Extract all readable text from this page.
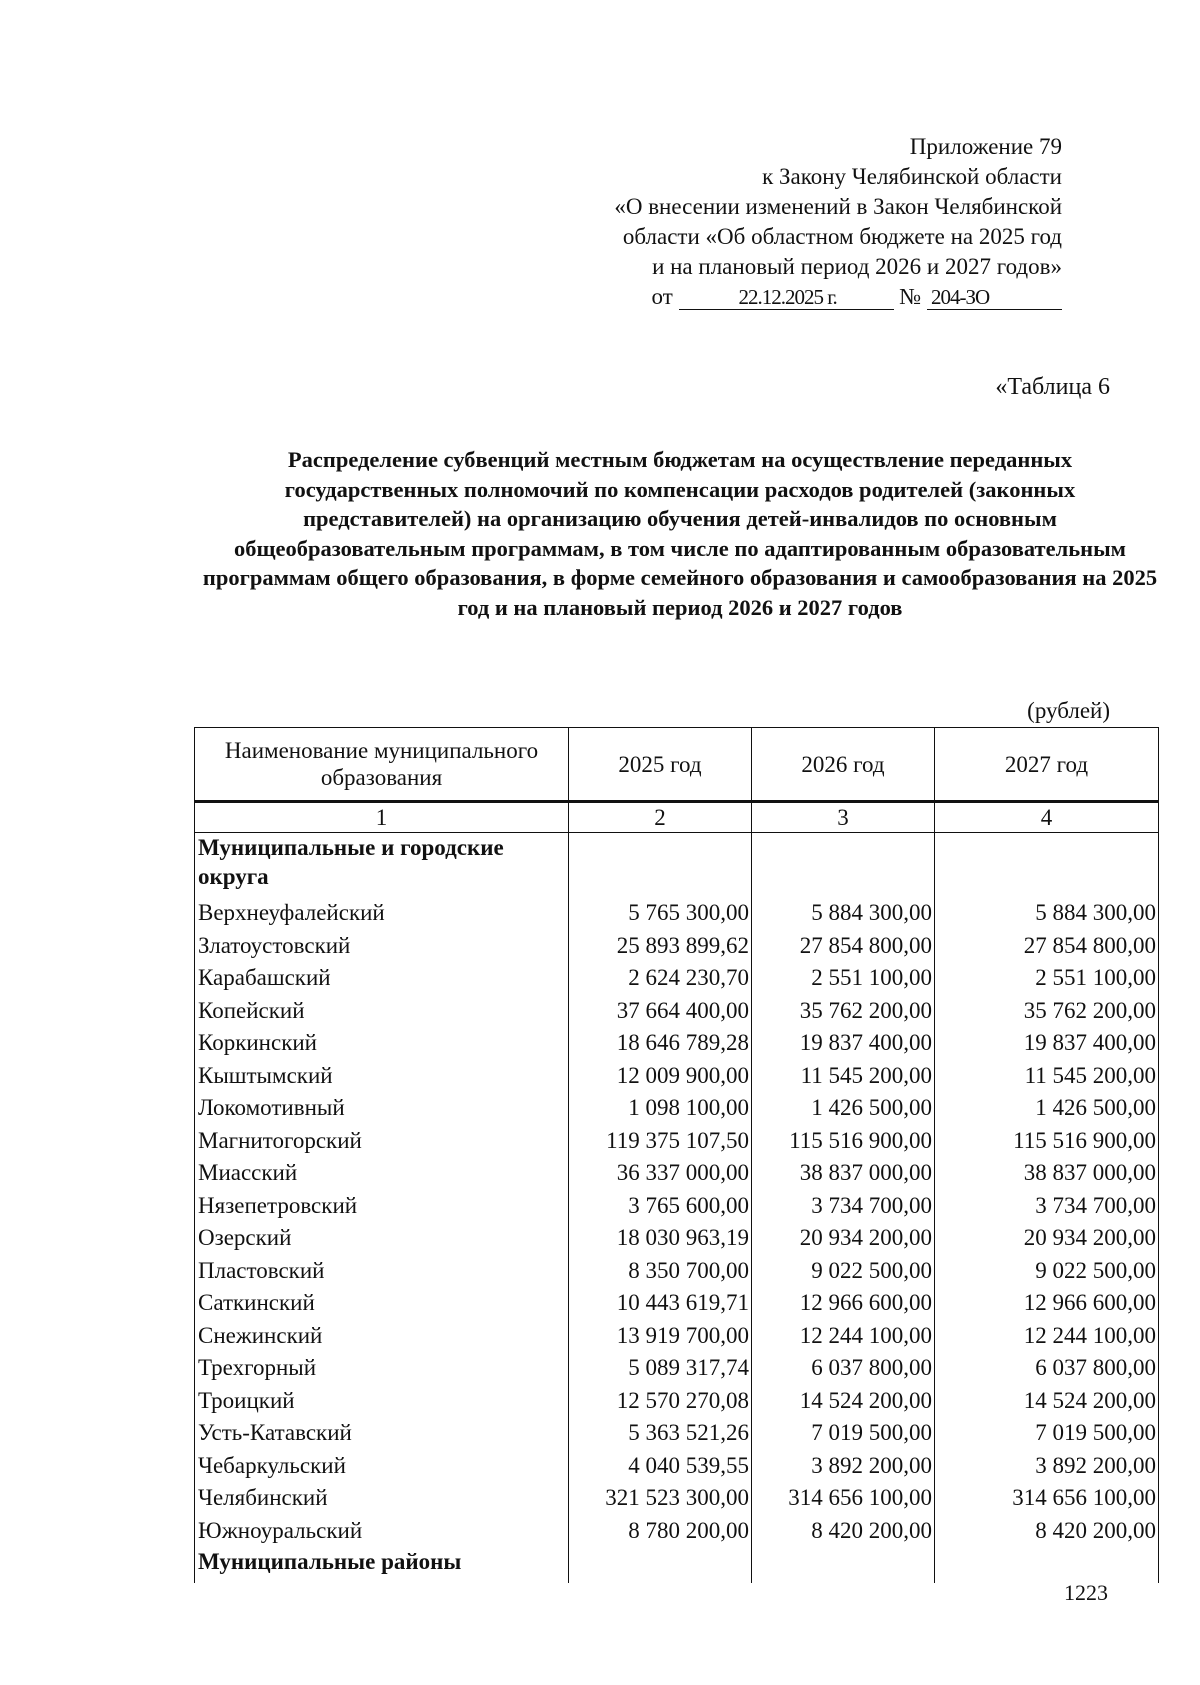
Приложение 79
к Закону Челябинской области
«О внесении изменений в Закон Челябинской
области «Об областном бюджете на 2025 год
и на плановый период 2026 и 2027 годов»
от	22.12.2025 г.	№ 204-ЗО
«Таблица 6
Распределение субвенций местным бюджетам на осуществление переданных государственных полномочий по компенсации расходов родителей (законных представителей) на организацию обучения детей-инвалидов по основным общеобразовательным программам, в том числе по адаптированным образовательным программам общего образования, в форме семейного образования и самообразования на 2025 год и на плановый период 2026 и 2027 годов
(рублей)
Наименование муниципального образования	2025 год	2026 год	2027 год
1	2	3	4
Муниципальные и городские округа			
Верхнеуфалейский	5 765 300,00	5 884 300,00	5 884 300,00
Златоустовский	25 893 899,62	27 854 800,00	27 854 800,00
Карабашский	2 624 230,70	2 551 100,00	2 551 100,00
Копейский	37 664 400,00	35 762 200,00	35 762 200,00
Коркинский	18 646 789,28	19 837 400,00	19 837 400,00
Кыштымский	12 009 900,00	11 545 200,00	11 545 200,00
Локомотивный	1 098 100,00	1 426 500,00	1 426 500,00
Магнитогорский	119 375 107,50	115 516 900,00	115 516 900,00
Миасский	36 337 000,00	38 837 000,00	38 837 000,00
Нязепетровский	3 765 600,00	3 734 700,00	3 734 700,00
Озерский	18 030 963,19	20 934 200,00	20 934 200,00
Пластовский	8 350 700,00	9 022 500,00	9 022 500,00
Саткинский	10 443 619,71	12 966 600,00	12 966 600,00
Снежинский	13 919 700,00	12 244 100,00	12 244 100,00
Трехгорный	5 089 317,74	6 037 800,00	6 037 800,00
Троицкий	12 570 270,08	14 524 200,00	14 524 200,00
Усть-Катавский	5 363 521,26	7 019 500,00	7 019 500,00
Чебаркульский	4 040 539,55	3 892 200,00	3 892 200,00
Челябинский	321 523 300,00	314 656 100,00	314 656 100,00
Южноуральский	8 780 200,00	8 420 200,00	8 420 200,00
Муниципальные районы			
1223
